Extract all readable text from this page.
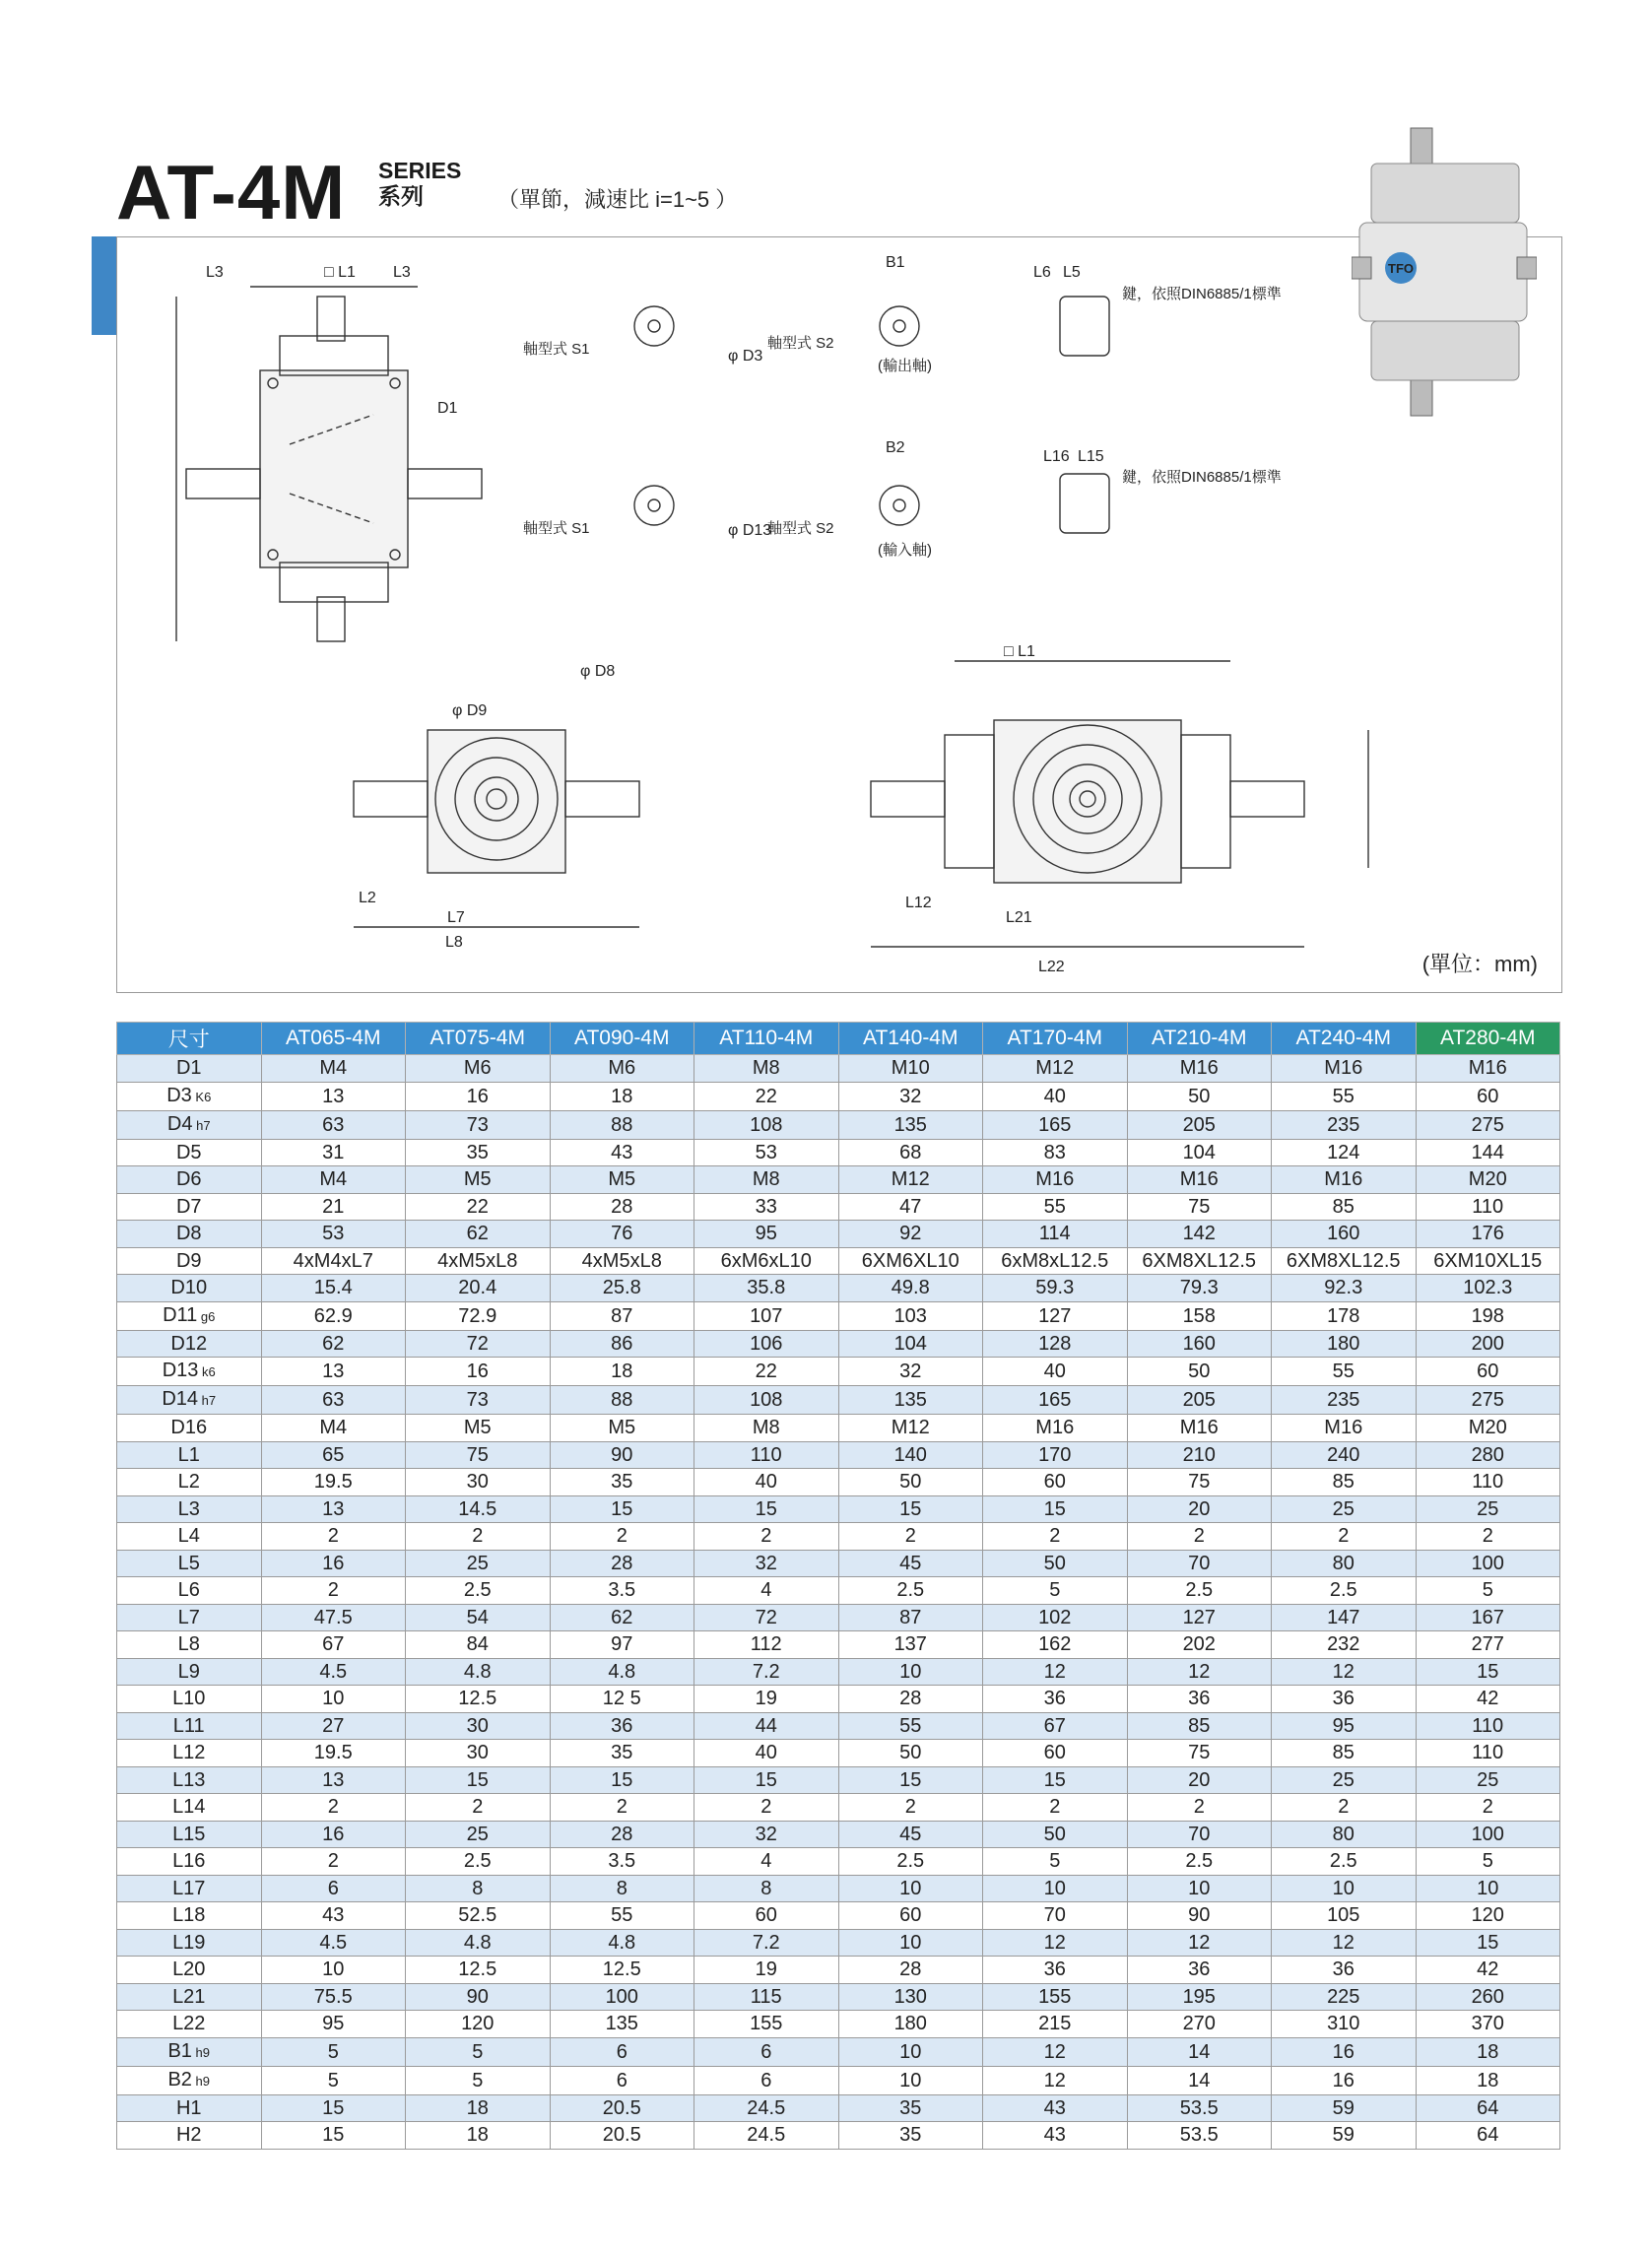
AT-4M SERIES
系列	（單節，減速比 i=1~5 ）
D1
□ L1
L3	L3
φ D9
φ D8
L2
L7
L8
□ L1
L22
L21
L12
φ D13
φ D3
B1
B2
L6 L5
L16 L15
軸型式 S1
軸型式 S1
軸型式 S2
軸型式 S2
(輸出軸)
(輸入軸)
鍵，依照DIN6885/1標準
鍵，依照DIN6885/1標準
(單位：mm)
TFO
尺寸	AT065-4M	AT075-4M	AT090-4M	AT110-4M	AT140-4M	AT170-4M	AT210-4M	AT240-4M	AT280-4M
D1	M4	M6	M6	M8	M10	M12	M16	M16	M16
D3 K6	13	16	18	22	32	40	50	55	60
D4 h7	63	73	88	108	135	165	205	235	275
D5	31	35	43	53	68	83	104	124	144
D6	M4	M5	M5	M8	M12	M16	M16	M16	M20
D7	21	22	28	33	47	55	75	85	110
D8	53	62	76	95	92	114	142	160	176
D9	4xM4xL7	4xM5xL8	4xM5xL8	6xM6xL10	6XM6XL10	6xM8xL12.5	6XM8XL12.5	6XM8XL12.5	6XM10XL15
D10	15.4	20.4	25.8	35.8	49.8	59.3	79.3	92.3	102.3
D11 g6	62.9	72.9	87	107	103	127	158	178	198
D12	62	72	86	106	104	128	160	180	200
D13 k6	13	16	18	22	32	40	50	55	60
D14 h7	63	73	88	108	135	165	205	235	275
D16	M4	M5	M5	M8	M12	M16	M16	M16	M20
L1	65	75	90	110	140	170	210	240	280
L2	19.5	30	35	40	50	60	75	85	110
L3	13	14.5	15	15	15	15	20	25	25
L4	2	2	2	2	2	2	2	2	2
L5	16	25	28	32	45	50	70	80	100
L6	2	2.5	3.5	4	2.5	5	2.5	2.5	5
L7	47.5	54	62	72	87	102	127	147	167
L8	67	84	97	112	137	162	202	232	277
L9	4.5	4.8	4.8	7.2	10	12	12	12	15
L10	10	12.5	12 5	19	28	36	36	36	42
L11	27	30	36	44	55	67	85	95	110
L12	19.5	30	35	40	50	60	75	85	110
L13	13	15	15	15	15	15	20	25	25
L14	2	2	2	2	2	2	2	2	2
L15	16	25	28	32	45	50	70	80	100
L16	2	2.5	3.5	4	2.5	5	2.5	2.5	5
L17	6	8	8	8	10	10	10	10	10
L18	43	52.5	55	60	60	70	90	105	120
L19	4.5	4.8	4.8	7.2	10	12	12	12	15
L20	10	12.5	12.5	19	28	36	36	36	42
L21	75.5	90	100	115	130	155	195	225	260
L22	95	120	135	155	180	215	270	310	370
B1 h9	5	5	6	6	10	12	14	16	18
B2 h9	5	5	6	6	10	12	14	16	18
H1	15	18	20.5	24.5	35	43	53.5	59	64
H2	15	18	20.5	24.5	35	43	53.5	59	64
